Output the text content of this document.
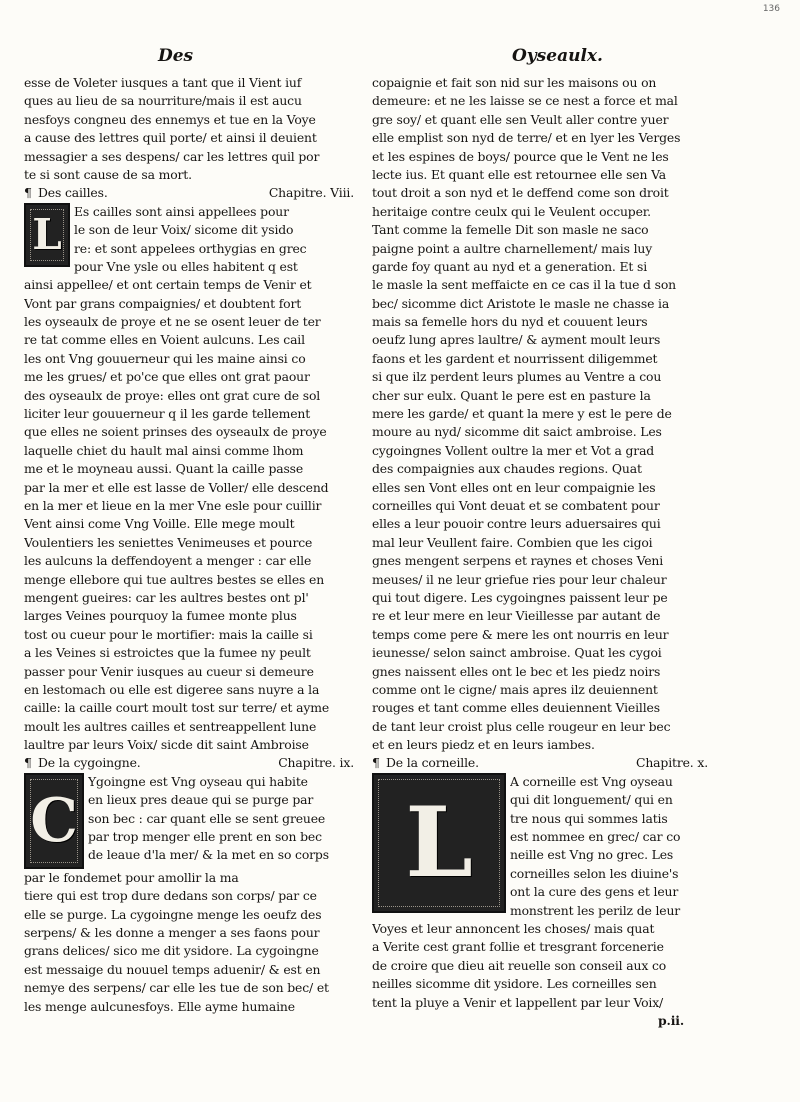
136
Des	Oyseaulx.
esse de Voleter iusques a tant que il Vient iuf
ques au lieu de sa nourriture/mais il est aucu
nesfoys congneu des ennemys et tue en la Voye
a cause des lettres quil porte/ et ainsi il deuient
messagier a ses despens/ car les lettres quil por
te si sont cause de sa mort.
¶ Des cailles.	Chapitre. Viii.
L Es cailles sont ainsi appellees pour
le son de leur Voix/ sicome dit ysido
re: et sont appelees orthygias en grec
pour Vne ysle ou elles habitent q est
ainsi appellee/ et ont certain temps de Venir et
Vont par grans compaignies/ et doubtent fort
les oyseaulx de proye et ne se osent leuer de ter
re tat comme elles en Voient aulcuns. Les cail
les ont Vng gouuerneur qui les maine ainsi co
me les grues/ et po'ce que elles ont grat paour
des oyseaulx de proye: elles ont grat cure de sol
liciter leur gouuerneur q il les garde tellement
que elles ne soient prinses des oyseaulx de proye
laquelle chiet du hault mal ainsi comme lhom
me et le moyneau aussi. Quant la caille passe
par la mer et elle est lasse de Voller/ elle descend
en la mer et lieue en la mer Vne esle pour cuillir
Vent ainsi come Vng Voille. Elle mege moult
Voulentiers les seniettes Venimeuses et pource
les aulcuns la deffendoyent a menger : car elle
menge ellebore qui tue aultres bestes se elles en
mengent gueires: car les aultres bestes ont pl'
larges Veines pourquoy la fumee monte plus
tost ou cueur pour le mortifier: mais la caille si
a les Veines si estroictes que la fumee ny peult
passer pour Venir iusques au cueur si demeure
en lestomach ou elle est digeree sans nuyre a la
caille: la caille court moult tost sur terre/ et ayme
moult les aultres cailles et sentreappellent lune
laultre par leurs Voix/ sicde dit saint Ambroise
¶ De la cygoingne.	Chapitre. ix.
C
Ygoingne est Vng oyseau qui habite
en lieux pres deaue qui se purge par
son bec : car quant elle se sent greuee
par trop menger elle prent en son bec
de leaue d'la mer/ & la met en so corps
par le fondemet pour amollir la ma
tiere qui est trop dure dedans son corps/ par ce
elle se purge. La cygoingne menge les oeufz des
serpens/ & les donne a menger a ses faons pour
grans delices/ sico me dit ysidore. La cygoingne
est messaige du nouuel temps aduenir/ & est en
nemye des serpens/ car elle les tue de son bec/ et
les menge aulcunesfoys. Elle ayme humaine
copaignie et fait son nid sur les maisons ou on
demeure: et ne les laisse se ce nest a force et mal
gre soy/ et quant elle sen Veult aller contre yuer
elle emplist son nyd de terre/ et en lyer les Verges
et les espines de boys/ pource que le Vent ne les
lecte ius. Et quant elle est retournee elle sen Va
tout droit a son nyd et le deffend come son droit
heritaige contre ceulx qui le Veulent occuper.
Tant comme la femelle Dit son masle ne saco
paigne point a aultre charnellement/ mais luy
garde foy quant au nyd et a generation. Et si
le masle la sent meffaicte en ce cas il la tue d son
bec/ sicomme dict Aristote le masle ne chasse ia
mais sa femelle hors du nyd et couuent leurs
oeufz lung apres laultre/ & ayment moult leurs
faons et les gardent et nourrissent diligemmet
si que ilz perdent leurs plumes au Ventre a cou
cher sur eulx. Quant le pere est en pasture la
mere les garde/ et quant la mere y est le pere de
moure au nyd/ sicomme dit saict ambroise. Les
cygoingnes Vollent oultre la mer et Vot a grad
des compaignies aux chaudes regions. Quat
elles sen Vont elles ont en leur compaignie les
corneilles qui Vont deuat et se combatent pour
elles a leur pouoir contre leurs aduersaires qui
mal leur Veullent faire. Combien que les cigoi
gnes mengent serpens et raynes et choses Veni
meuses/ il ne leur griefue ries pour leur chaleur
qui tout digere. Les cygoingnes paissent leur pe
re et leur mere en leur Vieillesse par autant de
temps come pere & mere les ont nourris en leur
ieunesse/ selon sainct ambroise. Quat les cygoi
gnes naissent elles ont le bec et les piedz noirs
comme ont le cigne/ mais apres ilz deuiennent
rouges et tant comme elles deuiennent Vieilles
de tant leur croist plus celle rougeur en leur bec
et en leurs piedz et en leurs iambes.
¶ De la corneille.	Chapitre. x.
L
A corneille est Vng oyseau
qui dit longuement/ qui en
tre nous qui sommes latis
est nommee en grec/ car co
neille est Vng no grec. Les
corneilles selon les diuine's
ont la cure des gens et leur
monstrent les perilz de leur
Voyes et leur annoncent les choses/ mais quat
a Verite cest grant follie et tresgrant forcenerie
de croire que dieu ait reuelle son conseil aux co
neilles sicomme dit ysidore. Les corneilles sen
tent la pluye a Venir et lappellent par leur Voix/
p.ii.
